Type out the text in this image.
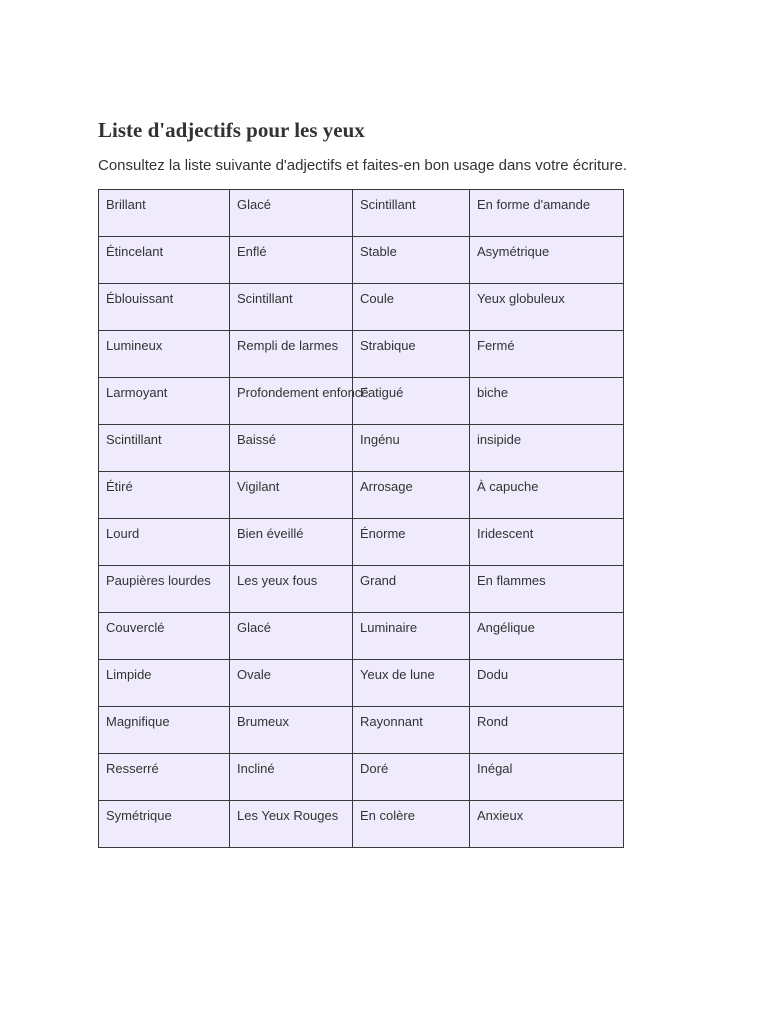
Liste d'adjectifs pour les yeux

Consultez la liste suivante d'adjectifs et faites-en bon usage dans votre écriture.

Brillant	Glacé	Scintillant	En forme d'amande
Étincelant	Enflé	Stable	Asymétrique
Éblouissant	Scintillant	Coule	Yeux globuleux
Lumineux	Rempli de larmes	Strabique	Fermé
Larmoyant	Profondement enfoncé	Fatigué	biche
Scintillant	Baissé	Ingénu	insipide
Étiré	Vigilant	Arrosage	À capuche
Lourd	Bien éveillé	Énorme	Iridescent
Paupières lourdes	Les yeux fous	Grand	En flammes
Couverclé	Glacé	Luminaire	Angélique
Limpide	Ovale	Yeux de lune	Dodu
Magnifique	Brumeux	Rayonnant	Rond
Resserré	Incliné	Doré	Inégal
Symétrique	Les Yeux Rouges	En colère	Anxieux
